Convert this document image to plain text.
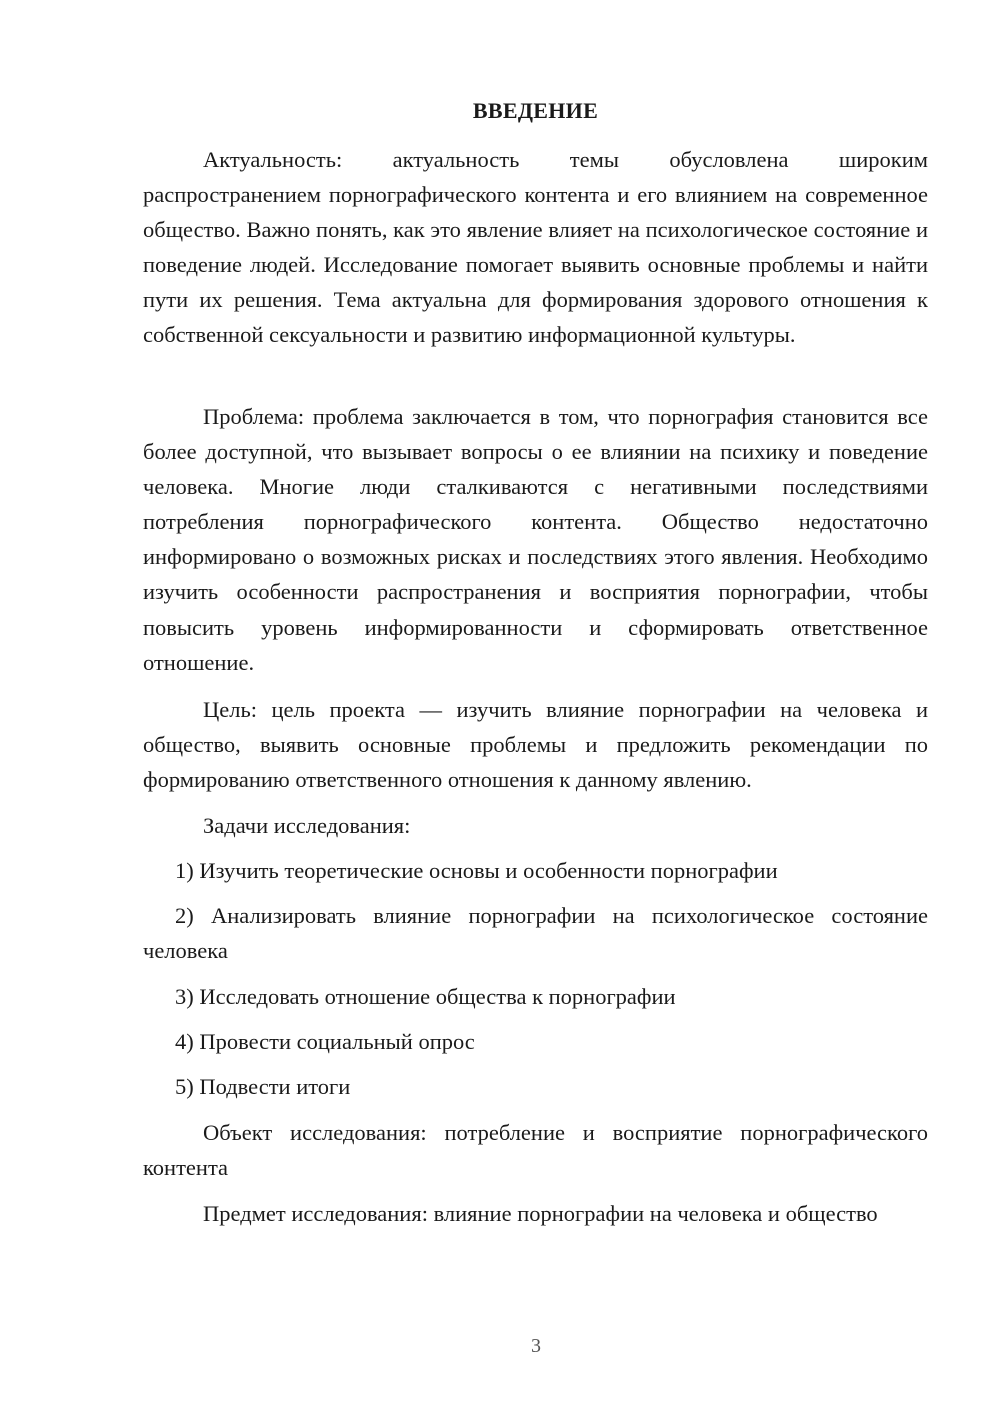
ВВЕДЕНИЕ

Актуальность: актуальность темы обусловлена широким распространением порнографического контента и его влиянием на современное общество. Важно понять, как это явление влияет на психологическое состояние и поведение людей. Исследование помогает выявить основные проблемы и найти пути их решения. Тема актуальна для формирования здорового отношения к собственной сексуальности и развитию информационной культуры.

Проблема: проблема заключается в том, что порнография становится все более доступной, что вызывает вопросы о ее влиянии на психику и поведение человека. Многие люди сталкиваются с негативными последствиями потребления порнографического контента. Общество недостаточно информировано о возможных рисках и последствиях этого явления. Необходимо изучить особенности распространения и восприятия порнографии, чтобы повысить уровень информированности и сформировать ответственное отношение.

Цель: цель проекта — изучить влияние порнографии на человека и общество, выявить основные проблемы и предложить рекомендации по формированию ответственного отношения к данному явлению.

Задачи исследования:

1) Изучить теоретические основы и особенности порнографии

2) Анализировать влияние порнографии на психологическое состояние человека

3) Исследовать отношение общества к порнографии

4) Провести социальный опрос

5) Подвести итоги

Объект исследования: потребление и восприятие порнографического контента

Предмет исследования: влияние порнографии на человека и общество

3
